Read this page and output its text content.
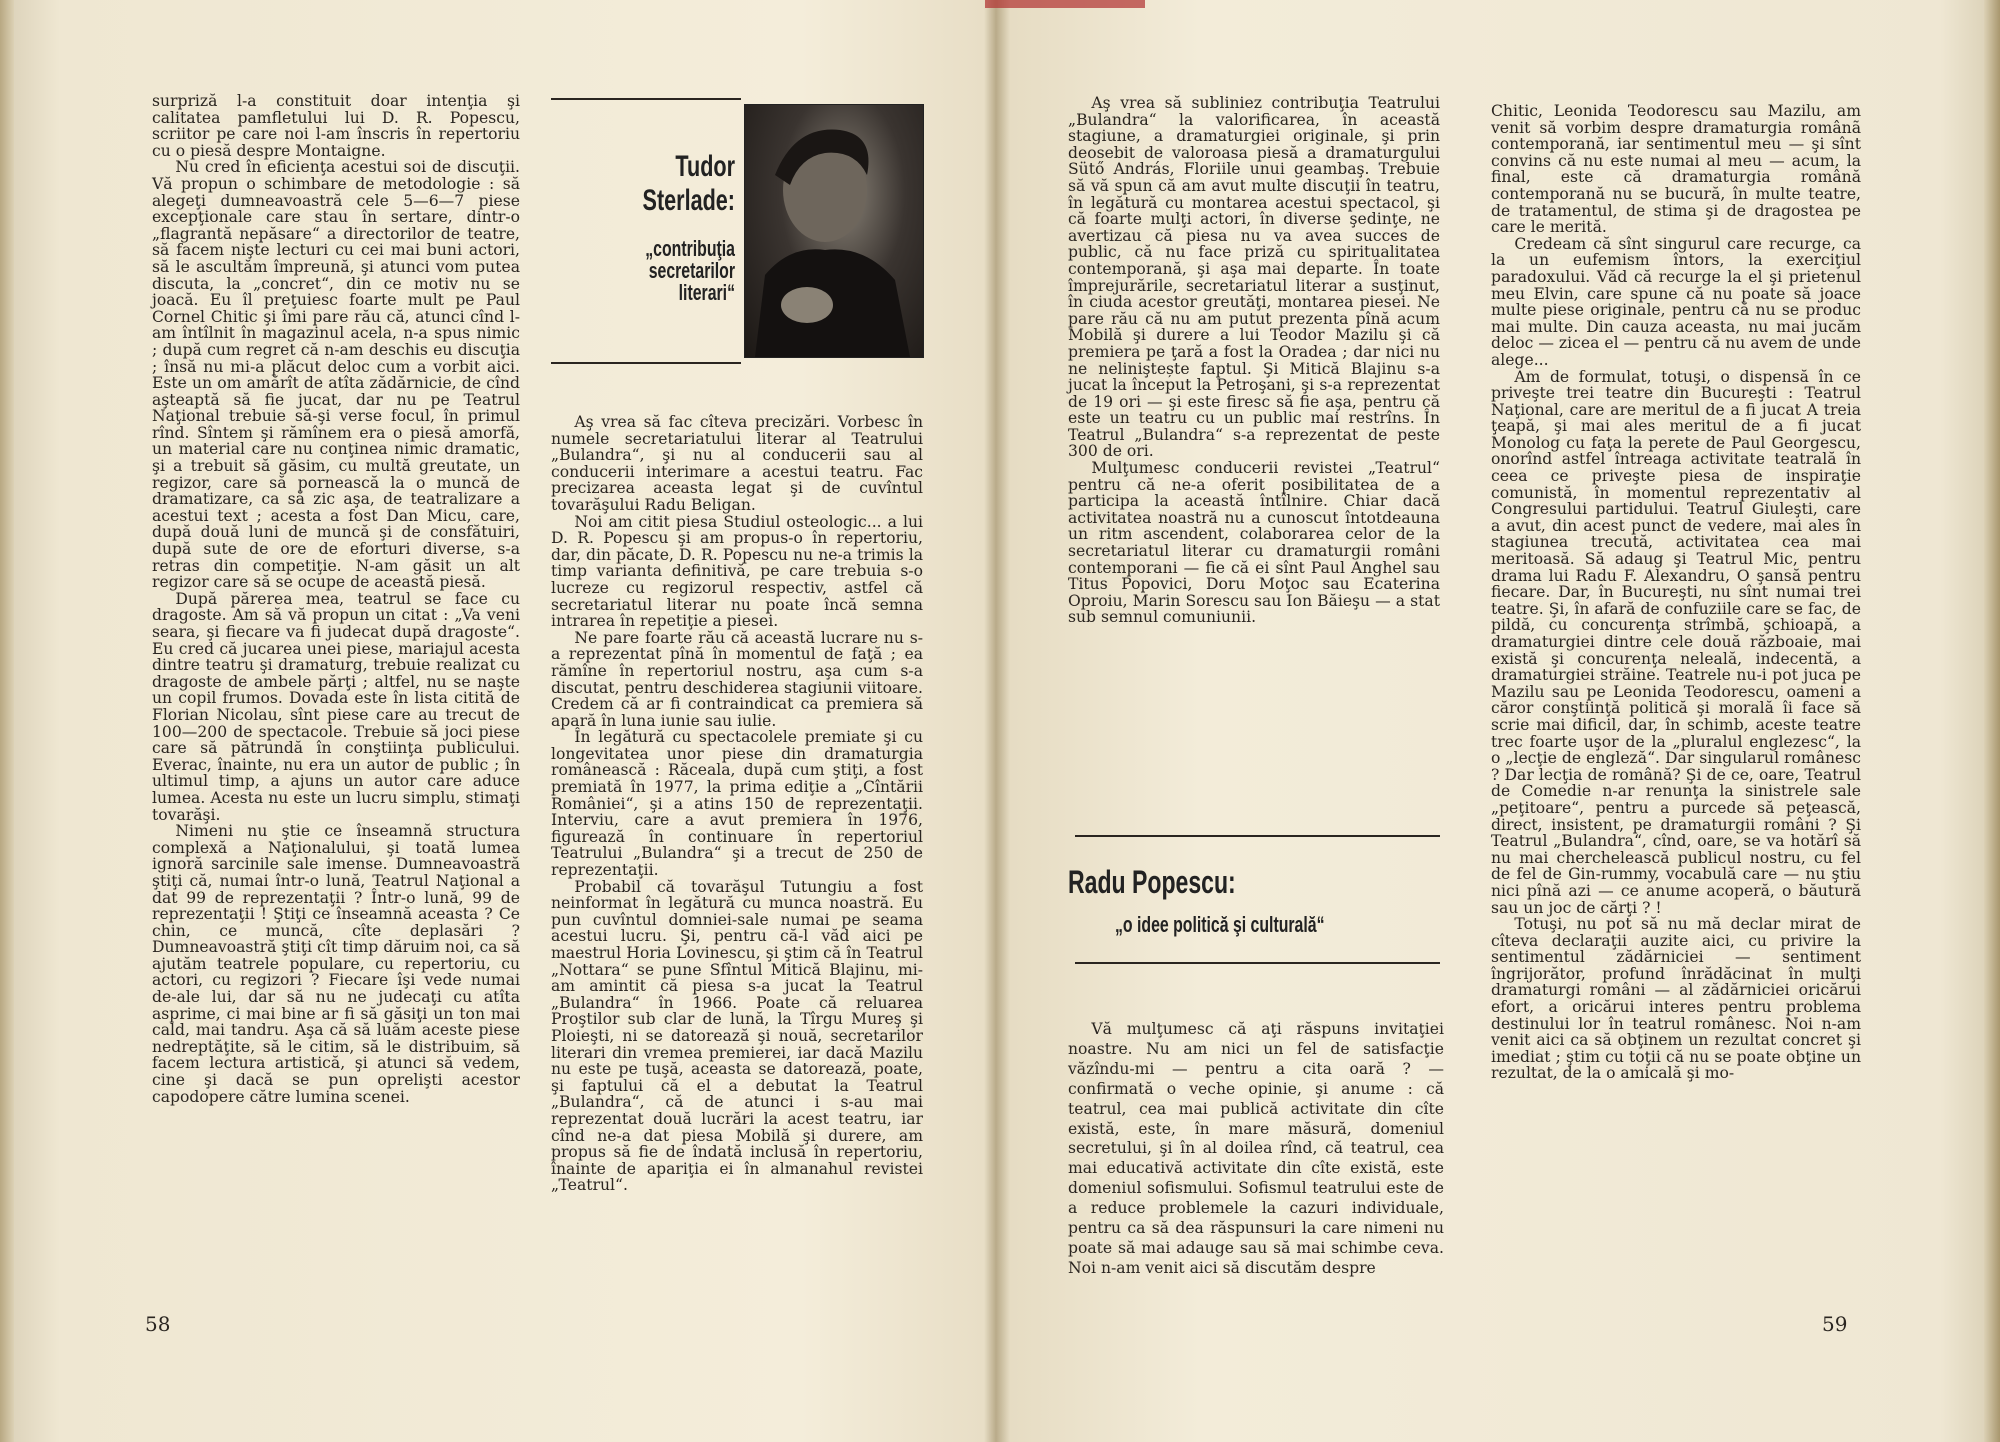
surpriză l-a constituit doar intenţia şi calitatea pamfletului lui D. R. Popescu, scriitor pe care noi l-am înscris în repertoriu cu o piesă despre Montaigne.

Nu cred în eficienţa acestui soi de discuţii. Vă propun o schimbare de metodologie : să alegeţi dumneavoastră cele 5—6—7 piese excepţionale care stau în sertare, dintr-o „flagrantă nepăsare“ a directorilor de teatre, să facem nişte lecturi cu cei mai buni actori, să le ascultăm împreună, şi atunci vom putea discuta, la „concret“, din ce motiv nu se joacă. Eu îl preţuiesc foarte mult pe Paul Cornel Chitic şi îmi pare rău că, atunci cînd l-am întîlnit în magazinul acela, n-a spus nimic ; după cum regret că n-am deschis eu discuţia ; însă nu mi-a plăcut deloc cum a vorbit aici. Este un om amărît de atîta zădărnicie, de cînd aşteaptă să fie jucat, dar nu pe Teatrul Naţional trebuie să-şi verse focul, în primul rînd. Sîntem şi rămînem era o piesă amorfă, un material care nu conţinea nimic dramatic, şi a trebuit să găsim, cu multă greutate, un regizor, care să pornească la o muncă de dramatizare, ca să zic aşa, de teatralizare a acestui text ; acesta a fost Dan Micu, care, după două luni de muncă şi de consfătuiri, după sute de ore de eforturi diverse, s-a retras din competiţie. N-am găsit un alt regizor care să se ocupe de această piesă.

După părerea mea, teatrul se face cu dragoste. Am să vă propun un citat : „Va veni seara, şi fiecare va fi judecat după dragoste“. Eu cred că jucarea unei piese, mariajul acesta dintre teatru şi dramaturg, trebuie realizat cu dragoste de ambele părţi ; altfel, nu se naşte un copil frumos. Dovada este în lista citită de Florian Nicolau, sînt piese care au trecut de 100—200 de spectacole. Trebuie să joci piese care să pătrundă în conştiinţa publicului. Everac, înainte, nu era un autor de public ; în ultimul timp, a ajuns un autor care aduce lumea. Acesta nu este un lucru simplu, stimaţi tovarăşi.

Nimeni nu ştie ce înseamnă structura complexă a Naţionalului, şi toată lumea ignoră sarcinile sale imense. Dumneavoastră ştiţi că, numai într-o lună, Teatrul Naţional a dat 99 de reprezentaţii ? Într-o lună, 99 de reprezentaţii ! Ştiţi ce înseamnă aceasta ? Ce chin, ce muncă, cîte deplasări ? Dumneavoastră ştiţi cît timp dăruim noi, ca să ajutăm teatrele populare, cu repertoriu, cu actori, cu regizori ? Fiecare îşi vede numai de-ale lui, dar să nu ne judecaţi cu atîta asprime, ci mai bine ar fi să găsiţi un ton mai cald, mai tandru. Aşa că să luăm aceste piese nedreptăţite, să le citim, să le distribuim, să facem lectura artistică, şi atunci să vedem, cine şi dacă se pun oprelişti acestor capodopere către lumina scenei.

Tudor Sterlade:
„contribuţia secretarilor literari“

Aş vrea să fac cîteva precizări. Vorbesc în numele secretariatului literar al Teatrului „Bulandra“, şi nu al conducerii sau al conducerii interimare a acestui teatru. Fac precizarea aceasta legat şi de cuvîntul tovarăşului Radu Beligan.

Noi am citit piesa Studiul osteologic... a lui D. R. Popescu şi am propus-o în repertoriu, dar, din păcate, D. R. Popescu nu ne-a trimis la timp varianta definitivă, pe care trebuia s-o lucreze cu regizorul respectiv, astfel că secretariatul literar nu poate încă semna intrarea în repetiţie a piesei.

Ne pare foarte rău că această lucrare nu s-a reprezentat pînă în momentul de faţă ; ea rămîne în repertoriul nostru, aşa cum s-a discutat, pentru deschiderea stagiunii viitoare. Credem că ar fi contraindicat ca premiera să apară în luna iunie sau iulie.

În legătură cu spectacolele premiate şi cu longevitatea unor piese din dramaturgia românească : Răceala, după cum ştiţi, a fost premiată în 1977, la prima ediţie a „Cîntării României“, şi a atins 150 de reprezentaţii. Interviu, care a avut premiera în 1976, figurează în continuare în repertoriul Teatrului „Bulandra“ şi a trecut de 250 de reprezentaţii.

Probabil că tovarăşul Tutungiu a fost neinformat în legătură cu munca noastră. Eu pun cuvîntul domniei-sale numai pe seama acestui lucru. Şi, pentru că-l văd aici pe maestrul Horia Lovinescu, şi ştim că în Teatrul „Nottara“ se pune Sfîntul Mitică Blajinu, mi-am amintit că piesa s-a jucat la Teatrul „Bulandra“ în 1966. Poate că reluarea Proştilor sub clar de lună, la Tîrgu Mureş şi Ploieşti, ni se datorează şi nouă, secretarilor literari din vremea premierei, iar dacă Mazilu nu este pe tuşă, aceasta se datorează, poate, şi faptului că el a debutat la Teatrul „Bulandra“, că de atunci i s-au mai reprezentat două lucrări la acest teatru, iar cînd ne-a dat piesa Mobilă şi durere, am propus să fie de îndată inclusă în repertoriu, înainte de apariţia ei în almanahul revistei „Teatrul“.

58

Aş vrea să subliniez contribuţia Teatrului „Bulandra“ la valorificarea, în această stagiune, a dramaturgiei originale, şi prin deosebit de valoroasa piesă a dramaturgului Sütő András, Floriile unui geambaş. Trebuie să vă spun că am avut multe discuţii în teatru, în legătură cu montarea acestui spectacol, şi că foarte mulţi actori, în diverse şedinţe, ne avertizau că piesa nu va avea succes de public, că nu face priză cu spiritualitatea contemporană, şi aşa mai departe. În toate împrejurările, secretariatul literar a susţinut, în ciuda acestor greutăţi, montarea piesei. Ne pare rău că nu am putut prezenta pînă acum Mobilă şi durere a lui Teodor Mazilu şi că premiera pe ţară a fost la Oradea ; dar nici nu ne neliniştește faptul. Şi Mitică Blajinu s-a jucat la început la Petroşani, şi s-a reprezentat de 19 ori — şi este firesc să fie aşa, pentru că este un teatru cu un public mai restrîns. În Teatrul „Bulandra“ s-a reprezentat de peste 300 de ori.

Mulţumesc conducerii revistei „Teatrul“ pentru că ne-a oferit posibilitatea de a participa la această întîlnire. Chiar dacă activitatea noastră nu a cunoscut întotdeauna un ritm ascendent, colaborarea celor de la secretariatul literar cu dramaturgii români contemporani — fie că ei sînt Paul Anghel sau Titus Popovici, Doru Moţoc sau Ecaterina Oproiu, Marin Sorescu sau Ion Băieşu — a stat sub semnul comuniunii.

Radu Popescu:
„o idee politică şi culturală“

Vă mulţumesc că aţi răspuns invitaţiei noastre. Nu am nici un fel de satisfacţie văzîndu-mi — pentru a cita oară ? — confirmată o veche opinie, şi anume : că teatrul, cea mai publică activitate din cîte există, este, în mare măsură, domeniul secretului, şi în al doilea rînd, că teatrul, cea mai educativă activitate din cîte există, este domeniul sofismului. Sofismul teatrului este de a reduce problemele la cazuri individuale, pentru ca să dea răspunsuri la care nimeni nu poate să mai adauge sau să mai schimbe ceva. Noi n-am venit aici să discutăm despre

Chitic, Leonida Teodorescu sau Mazilu, am venit să vorbim despre dramaturgia românã contemporană, iar sentimentul meu — şi sînt convins că nu este numai al meu — acum, la final, este că dramaturgia română contemporană nu se bucură, în multe teatre, de tratamentul, de stima şi de dragostea pe care le merită.

Credeam că sînt singurul care recurge, ca la un eufemism întors, la exerciţiul paradoxului. Văd că recurge la el şi prietenul meu Elvin, care spune că nu poate să joace multe piese originale, pentru că nu se produc mai multe. Din cauza aceasta, nu mai jucăm deloc — zicea el — pentru că nu avem de unde alege...

Am de formulat, totuşi, o dispensă în ce priveşte trei teatre din Bucureşti : Teatrul Naţional, care are meritul de a fi jucat A treia ţeapă, şi mai ales meritul de a fi jucat Monolog cu faţa la perete de Paul Georgescu, onorînd astfel întreaga activitate teatrală în ceea ce priveşte piesa de inspiraţie comunistă, în momentul reprezentativ al Congresului partidului. Teatrul Giuleşti, care a avut, din acest punct de vedere, mai ales în stagiunea trecută, activitatea cea mai meritoasă. Să adaug şi Teatrul Mic, pentru drama lui Radu F. Alexandru, O şansă pentru fiecare. Dar, în Bucureşti, nu sînt numai trei teatre. Şi, în afară de confuziile care se fac, de pildă, cu concurenţa strîmbă, şchioapă, a dramaturgiei dintre cele două războaie, mai există şi concurenţa neleală, indecentă, a dramaturgiei străine. Teatrele nu-i pot juca pe Mazilu sau pe Leonida Teodorescu, oameni a căror conştiinţă politică şi morală îi face să scrie mai dificil, dar, în schimb, aceste teatre trec foarte uşor de la „pluralul englezesc“, la o „lecţie de engleză“. Dar singularul românesc ? Dar lecţia de română? Şi de ce, oare, Teatrul de Comedie n-ar renunţa la sinistrele sale „peţitoare“, pentru a purcede să peţească, direct, insistent, pe dramaturgii români ? Şi Teatrul „Bulandra“, cînd, oare, se va hotărî să nu mai cherchelească publicul nostru, cu fel de fel de Gin-rummy, vocabulă care — nu ştiu nici pînă azi — ce anume acoperă, o băutură sau un joc de cărţi ? !

Totuşi, nu pot să nu mă declar mirat de cîteva declaraţii auzite aici, cu privire la sentimentul zădărniciei — sentiment îngrijorător, profund înrădăcinat în mulţi dramaturgi români — al zădărniciei oricărui efort, a oricărui interes pentru problema destinului lor în teatrul românesc. Noi n-am venit aici ca să obţinem un rezultat concret şi imediat ; ştim cu toţii că nu se poate obţine un rezultat, de la o amicală şi mo-

59
